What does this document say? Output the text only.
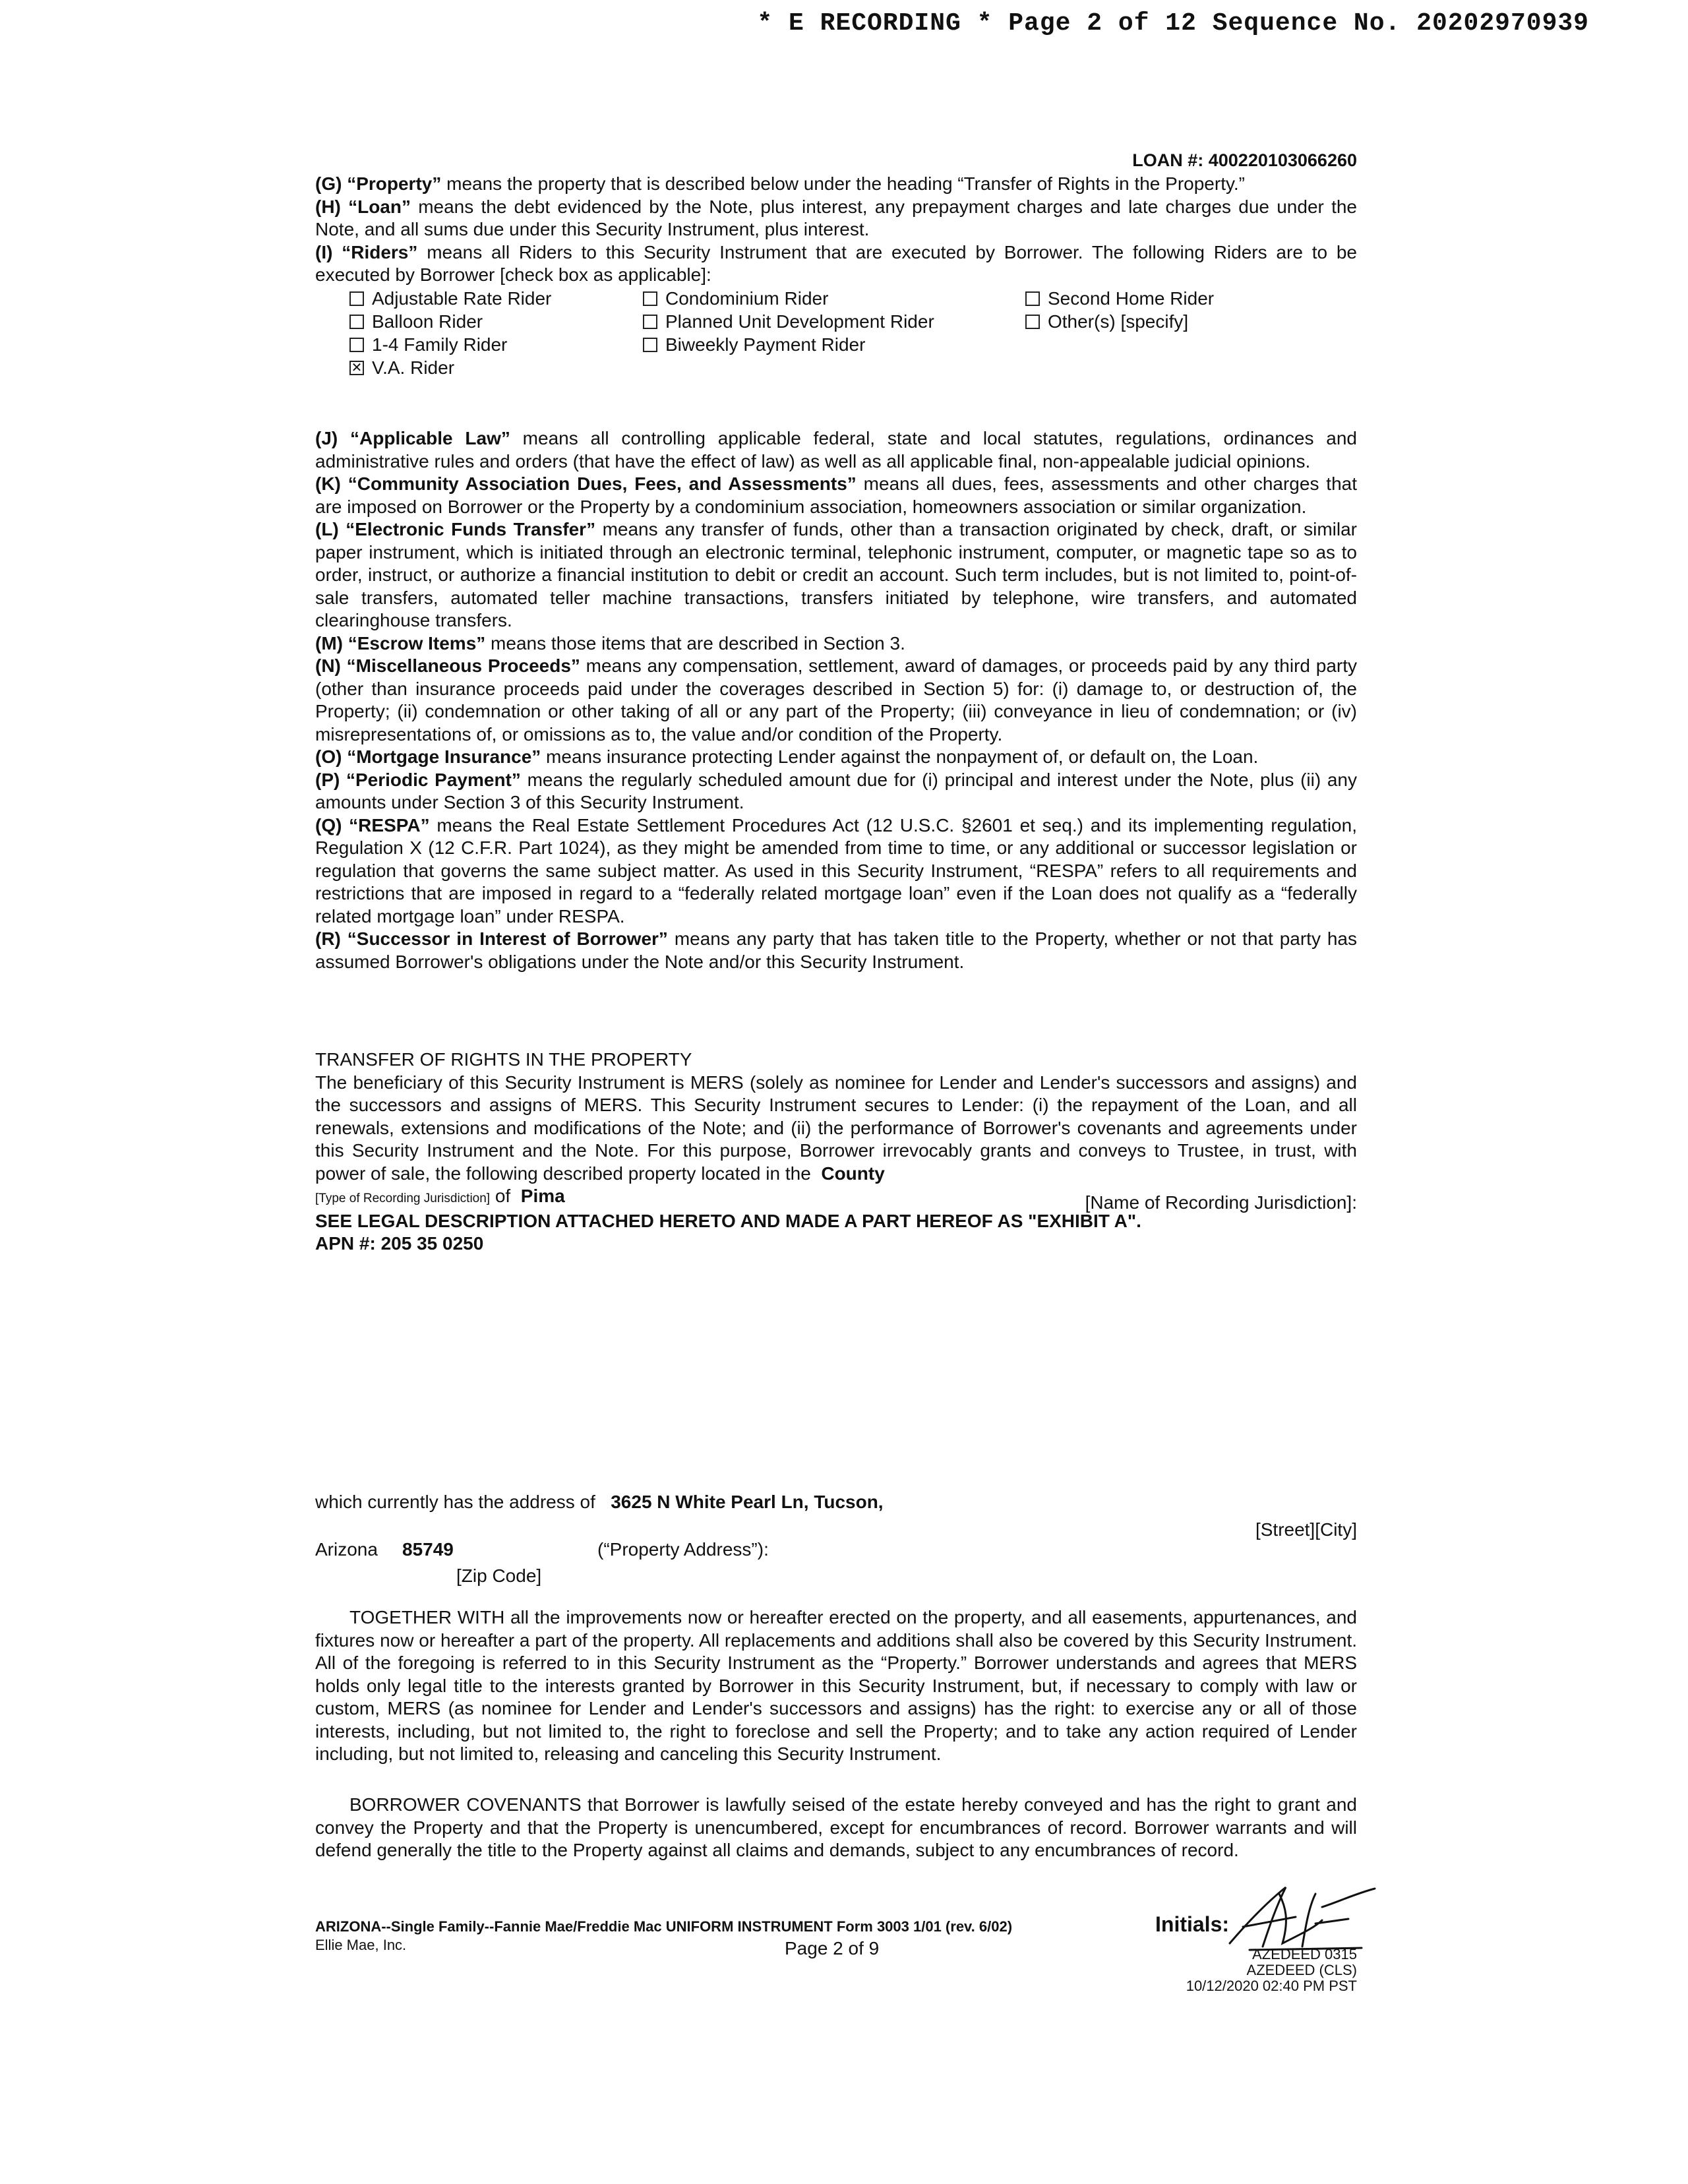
* E RECORDING * Page 2 of 12 Sequence No. 20202970939
LOAN #: 400220103066260

(G) “Property” means the property that is described below under the heading “Transfer of Rights in the Property.”

(H) “Loan” means the debt evidenced by the Note, plus interest, any prepayment charges and late charges due under the Note, and all sums due under this Security Instrument, plus interest.

(I) “Riders” means all Riders to this Security Instrument that are executed by Borrower. The following Riders are to be executed by Borrower [check box as applicable]:

Adjustable Rate Rider
Balloon Rider
1-4 Family Rider
✕ V.A. Rider
Condominium Rider
Planned Unit Development Rider
Biweekly Payment Rider
Second Home Rider
Other(s) [specify]

(J) “Applicable Law” means all controlling applicable federal, state and local statutes, regulations, ordinances and administrative rules and orders (that have the effect of law) as well as all applicable final, non-appealable judicial opinions.

(K) “Community Association Dues, Fees, and Assessments” means all dues, fees, assessments and other charges that are imposed on Borrower or the Property by a condominium association, homeowners association or similar organization.

(L) “Electronic Funds Transfer” means any transfer of funds, other than a transaction originated by check, draft, or similar paper instrument, which is initiated through an electronic terminal, telephonic instrument, computer, or magnetic tape so as to order, instruct, or authorize a financial institution to debit or credit an account. Such term includes, but is not limited to, point-of-sale transfers, automated teller machine transactions, transfers initiated by telephone, wire transfers, and automated clearinghouse transfers.

(M) “Escrow Items” means those items that are described in Section 3.

(N) “Miscellaneous Proceeds” means any compensation, settlement, award of damages, or proceeds paid by any third party (other than insurance proceeds paid under the coverages described in Section 5) for: (i) damage to, or destruction of, the Property; (ii) condemnation or other taking of all or any part of the Property; (iii) conveyance in lieu of condemnation; or (iv) misrepresentations of, or omissions as to, the value and/or condition of the Property.

(O) “Mortgage Insurance” means insurance protecting Lender against the nonpayment of, or default on, the Loan.

(P) “Periodic Payment” means the regularly scheduled amount due for (i) principal and interest under the Note, plus (ii) any amounts under Section 3 of this Security Instrument.

(Q) “RESPA” means the Real Estate Settlement Procedures Act (12 U.S.C. §2601 et seq.) and its implementing regulation, Regulation X (12 C.F.R. Part 1024), as they might be amended from time to time, or any additional or successor legislation or regulation that governs the same subject matter. As used in this Security Instrument, “RESPA” refers to all requirements and restrictions that are imposed in regard to a “federally related mortgage loan” even if the Loan does not qualify as a “federally related mortgage loan” under RESPA.

(R) “Successor in Interest of Borrower” means any party that has taken title to the Property, whether or not that party has assumed Borrower's obligations under the Note and/or this Security Instrument.

TRANSFER OF RIGHTS IN THE PROPERTY

The beneficiary of this Security Instrument is MERS (solely as nominee for Lender and Lender's successors and assigns) and the successors and assigns of MERS. This Security Instrument secures to Lender: (i) the repayment of the Loan, and all renewals, extensions and modifications of the Note; and (ii) the performance of Borrower's covenants and agreements under this Security Instrument and the Note. For this purpose, Borrower irrevocably grants and conveys to Trustee, in trust, with power of sale, the following described property located in the County

[Type of Recording Jurisdiction] of Pima	[Name of Recording Jurisdiction]:
SEE LEGAL DESCRIPTION ATTACHED HERETO AND MADE A PART HEREOF AS "EXHIBIT A".
APN #: 205 35 0250
which currently has the address of 3625 N White Pearl Ln, Tucson,
[Street][City]
Arizona 85749
[Zip Code]
(“Property Address”):

TOGETHER WITH all the improvements now or hereafter erected on the property, and all easements, appurtenances, and fixtures now or hereafter a part of the property. All replacements and additions shall also be covered by this Security Instrument. All of the foregoing is referred to in this Security Instrument as the “Property.” Borrower understands and agrees that MERS holds only legal title to the interests granted by Borrower in this Security Instrument, but, if necessary to comply with law or custom, MERS (as nominee for Lender and Lender's successors and assigns) has the right: to exercise any or all of those interests, including, but not limited to, the right to foreclose and sell the Property; and to take any action required of Lender including, but not limited to, releasing and canceling this Security Instrument.

BORROWER COVENANTS that Borrower is lawfully seised of the estate hereby conveyed and has the right to grant and convey the Property and that the Property is unencumbered, except for encumbrances of record. Borrower warrants and will defend generally the title to the Property against all claims and demands, subject to any encumbrances of record.

ARIZONA--Single Family--Fannie Mae/Freddie Mac UNIFORM INSTRUMENT Form 3003 1/01 (rev. 6/02)
Ellie Mae, Inc.	Page 2 of 9
Initials:
AZEDEED 0315
AZEDEED (CLS)
10/12/2020 02:40 PM PST
